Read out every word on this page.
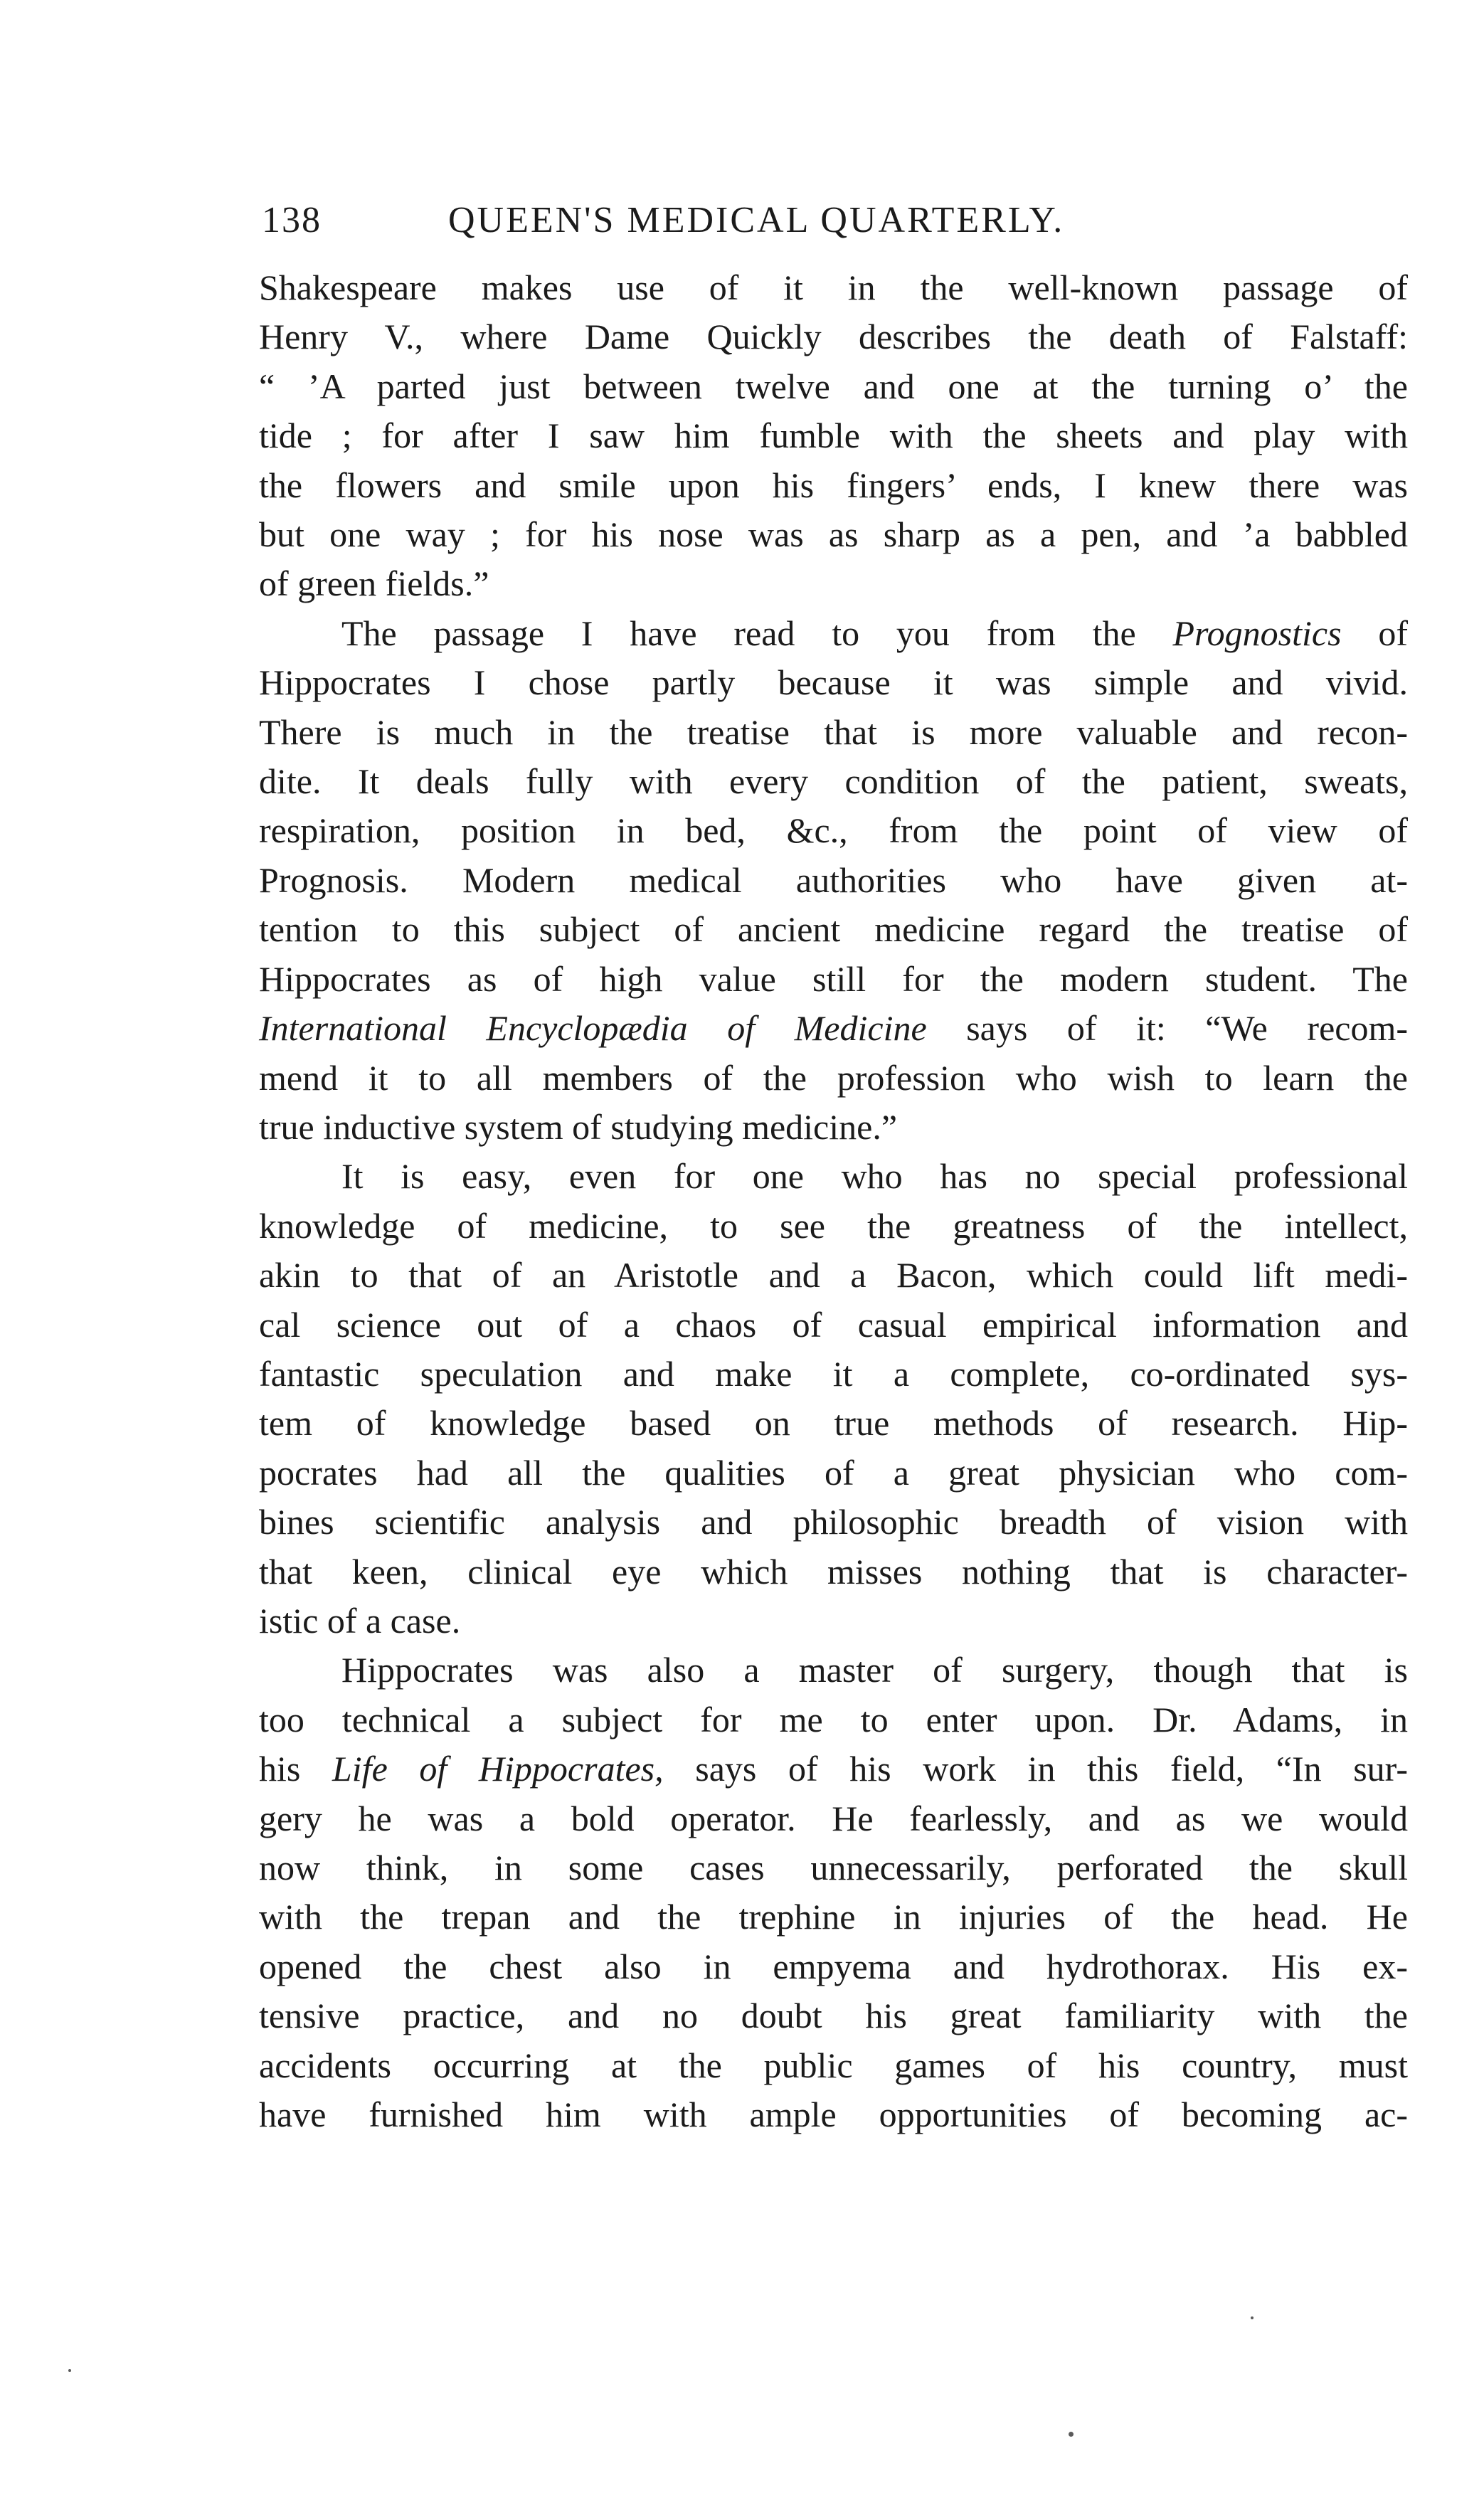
138	QUEEN'S MEDICAL QUARTERLY.

Shakespeare makes use of it in the well-known passage of

Henry V., where Dame Quickly describes the death of Falstaff:

“ ’A parted just between twelve and one at the turning o’ the

tide ; for after I saw him fumble with the sheets and play with

the flowers and smile upon his fingers’ ends, I knew there was

but one way ; for his nose was as sharp as a pen, and ’a babbled

of green fields.”

The passage I have read to you from the Prognostics of

Hippocrates I chose partly because it was simple and vivid.

There is much in the treatise that is more valuable and recon-

dite. It deals fully with every condition of the patient, sweats,

respiration, position in bed, &c., from the point of view of

Prognosis. Modern medical authorities who have given at-

tention to this subject of ancient medicine regard the treatise of

Hippocrates as of high value still for the modern student. The

International Encyclopædia of Medicine says of it: “We recom-

mend it to all members of the profession who wish to learn the

true inductive system of studying medicine.”

It is easy, even for one who has no special professional

knowledge of medicine, to see the greatness of the intellect,

akin to that of an Aristotle and a Bacon, which could lift medi-

cal science out of a chaos of casual empirical information and

fantastic speculation and make it a complete, co-ordinated sys-

tem of knowledge based on true methods of research. Hip-

pocrates had all the qualities of a great physician who com-

bines scientific analysis and philosophic breadth of vision with

that keen, clinical eye which misses nothing that is character-

istic of a case.

Hippocrates was also a master of surgery, though that is

too technical a subject for me to enter upon. Dr. Adams, in

his Life of Hippocrates, says of his work in this field, “In sur-

gery he was a bold operator. He fearlessly, and as we would

now think, in some cases unnecessarily, perforated the skull

with the trepan and the trephine in injuries of the head. He

opened the chest also in empyema and hydrothorax. His ex-

tensive practice, and no doubt his great familiarity with the

accidents occurring at the public games of his country, must

have furnished him with ample opportunities of becoming ac-
